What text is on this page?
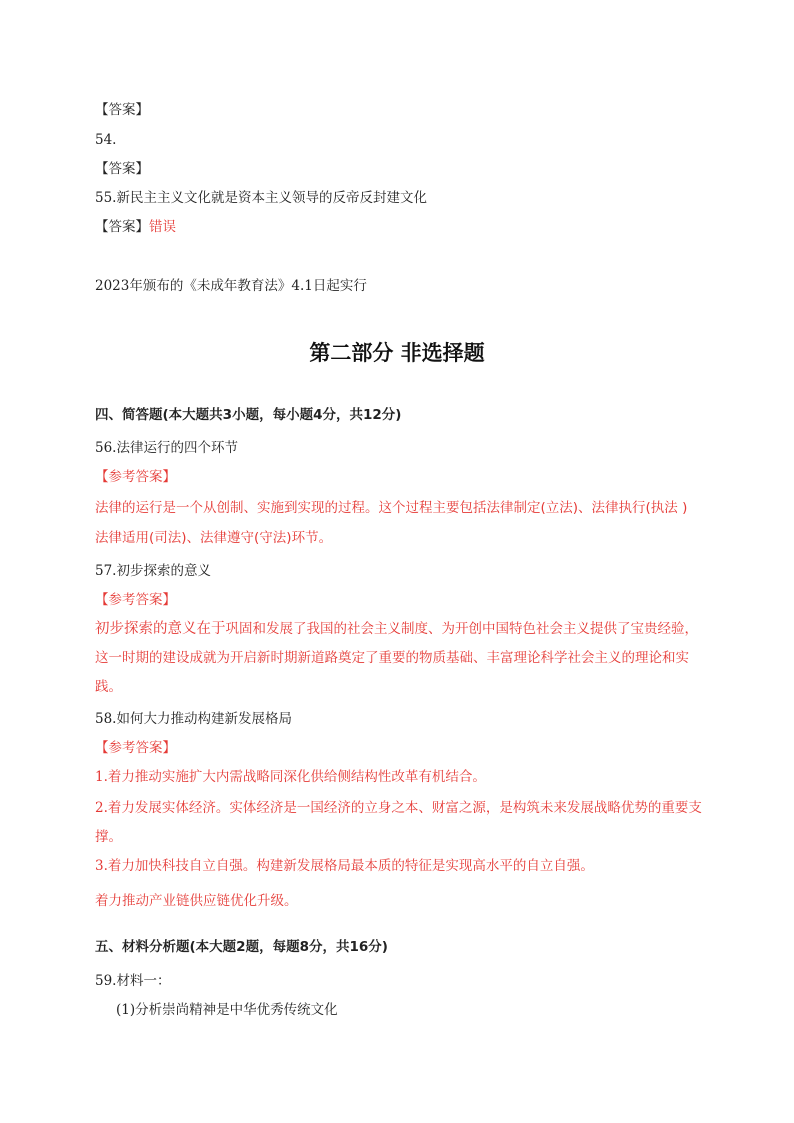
【答案】
54.
【答案】
55.新民主主义文化就是资本主义领导的反帝反封建文化
【答案】错误
2023年颁布的《未成年教育法》4.1日起实行
第二部分 非选择题
四、简答题(本大题共3小题，每小题4分，共12分)
56.法律运行的四个环节
【参考答案】
法律的运行是一个从创制、实施到实现的过程。这个过程主要包括法律制定(立法)、法律执行(执法 ) 法律适用(司法)、法律遵守(守法)环节。
57.初步探索的意义
【参考答案】
初步探索的意义在于巩固和发展了我国的社会主义制度、为开创中国特色社会主义提供了宝贵经验，这一时期的建设成就为开启新时期新道路奠定了重要的物质基础、丰富理论科学社会主义的理论和实践。
58.如何大力推动构建新发展格局
【参考答案】
1.着力推动实施扩大内需战略同深化供给侧结构性改革有机结合。
2.着力发展实体经济。实体经济是一国经济的立身之本、财富之源，是构筑未来发展战略优势的重要支撑。
3.着力加快科技自立自强。构建新发展格局最本质的特征是实现高水平的自立自强。
着力推动产业链供应链优化升级。
五、材料分析题(本大题2题，每题8分，共16分)
59.材料一：
(1)分析崇尚精神是中华优秀传统文化
